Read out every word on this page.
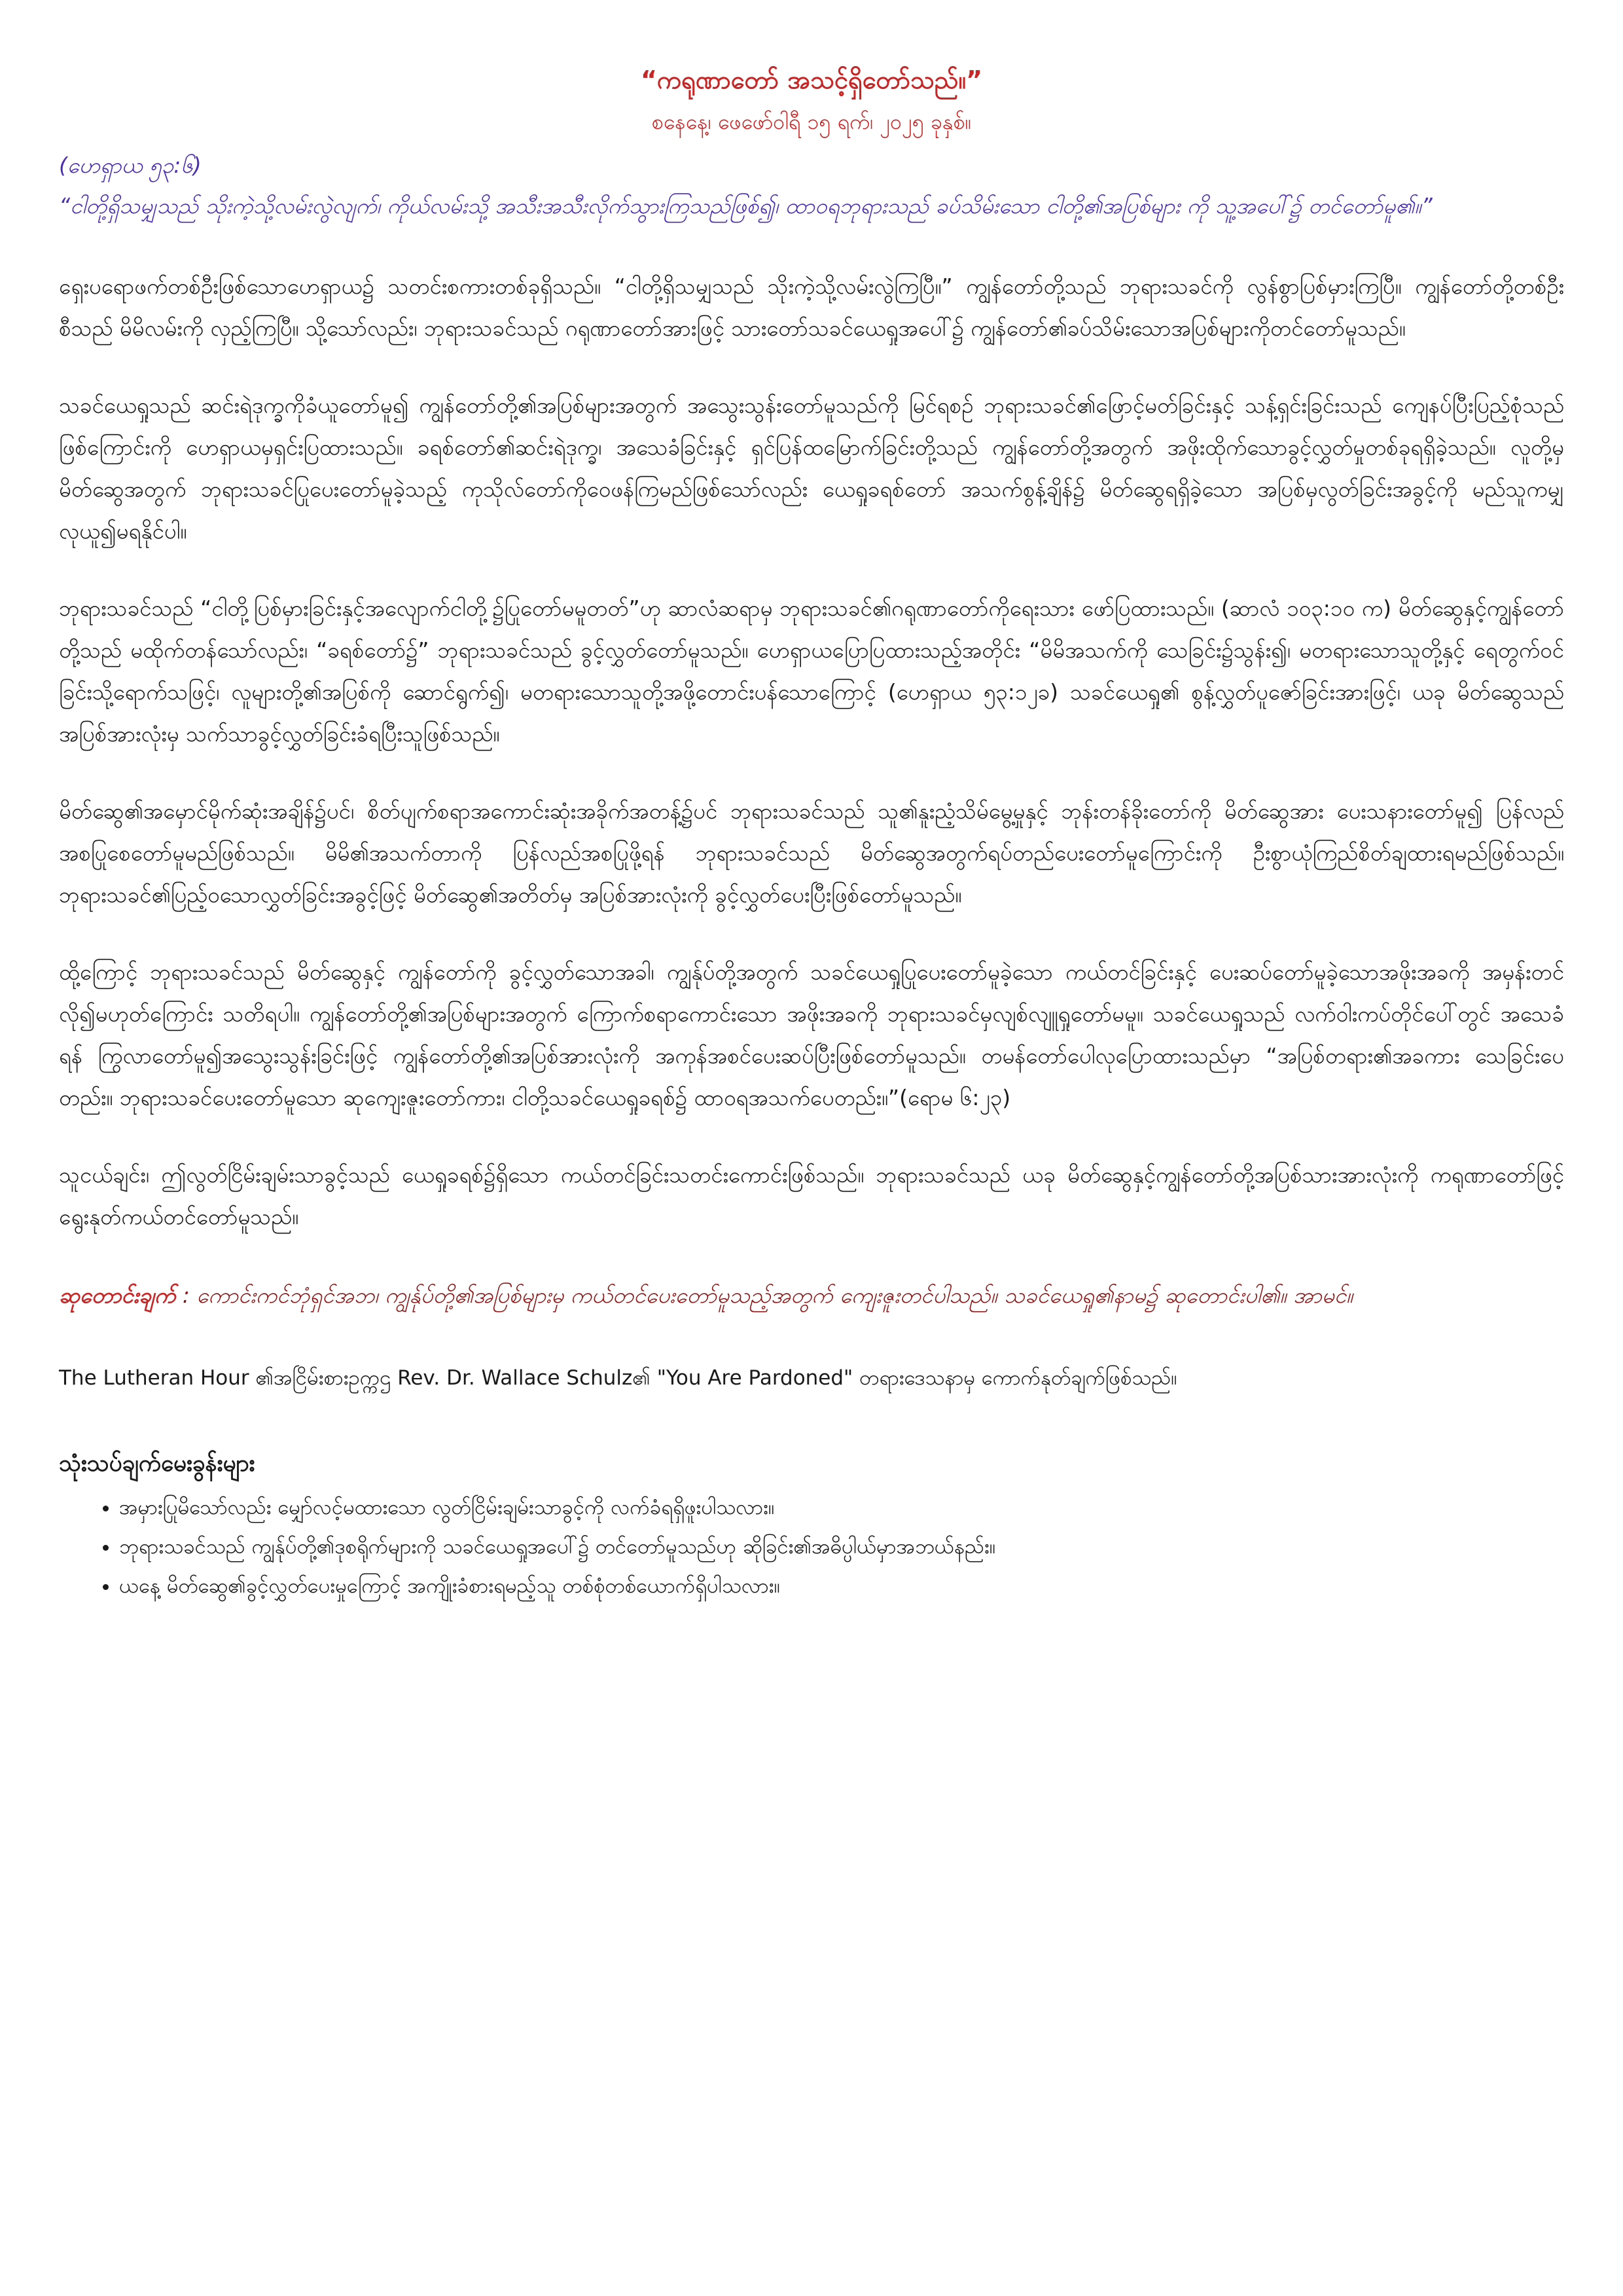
“ကရုဏာတော် အသင့်ရှိတော်သည်။”
စနေနေ့၊ ဖေဖော်ဝါရီ ၁၅ ရက်၊ ၂၀၂၅ ခုနှစ်။
(ဟေရှာယ ၅၃:၆)
“ငါတို့ရှိသမျှသည် သိုးကဲ့သို့လမ်းလွဲလျက်၊ ကိုယ်လမ်းသို့ အသီးအသီးလိုက်သွားကြသည်ဖြစ်၍၊ ထာဝရဘုရားသည် ခပ်သိမ်းသော ငါတို့၏အပြစ်များ ကို သူ့အပေါ်၌ တင်တော်မူ၏။”

ရှေးပရောဖက်တစ်ဦးဖြစ်သောဟေရှာယ၌ သတင်းစကားတစ်ခုရှိသည်။ “ငါတို့ရှိသမျှသည် သိုးကဲ့သို့လမ်းလွဲကြပြီ။” ကျွန်တော်တို့သည် ဘုရားသခင်ကို လွန်စွာပြစ်မှားကြပြီ။ ကျွန်တော်တို့တစ်ဦးစီသည် မိမိလမ်းကို လှည့်ကြပြီ။ သို့သော်လည်း၊ ဘုရားသခင်သည် ဂရုဏာတော်အားဖြင့် သားတော်သခင်ယေရှုအပေါ်၌ ကျွန်တော်၏ခပ်သိမ်းသောအပြစ်များကိုတင်တော်မူသည်။

သခင်ယေရှုသည် ဆင်းရဲဒုက္ခကိုခံယူတော်မူ၍ ကျွန်တော်တို့၏အပြစ်များအတွက် အသွေးသွန်းတော်မူသည်ကို မြင်ရစဉ် ဘုရားသခင်၏ဖြောင့်မတ်ခြင်းနှင့် သန့်ရှင်းခြင်းသည် ကျေနပ်ပြီးပြည့်စုံသည်ဖြစ်ကြောင်းကို ဟေရှာယမှရှင်းပြထားသည်။ ခရစ်တော်၏ဆင်းရဲဒုက္ခ၊ အသေခံခြင်းနှင့် ရှင်ပြန်ထမြောက်ခြင်းတို့သည် ကျွန်တော်တို့အတွက် အဖိုးထိုက်သောခွင့်လွှတ်မှုတစ်ခုရရှိခဲ့သည်။ လူတို့မှ မိတ်ဆွေအတွက် ဘုရားသခင်ပြုပေးတော်မူခဲ့သည့် ကုသိုလ်တော်ကိုဝေဖန်ကြမည်ဖြစ်သော်လည်း ယေရှုခရစ်တော် အသက်စွန့်ချိန်၌ မိတ်ဆွေရရှိခဲ့သော အပြစ်မှလွတ်ခြင်းအခွင့်ကို မည်သူကမျှ လုယူ၍မရနိုင်ပါ။

ဘုရားသခင်သည် “ငါတို့ပြစ်မှားခြင်းနှင့်အလျောက်ငါတို့၌ပြုတော်မမူတတ်”ဟု ဆာလံဆရာမှ ဘုရားသခင်၏ဂရုဏာတော်ကိုရေးသား ဖော်ပြထားသည်။ (ဆာလံ ၁၀၃:၁၀ က) မိတ်ဆွေနှင့်ကျွန်တော်တို့သည် မထိုက်တန်သော်လည်း၊ “ခရစ်တော်၌” ဘုရားသခင်သည် ခွင့်လွှတ်တော်မူသည်။ ဟေရှာယပြောပြထားသည့်အတိုင်း “မိမိအသက်ကို သေခြင်း၌သွန်း၍၊ မတရားသောသူတို့နှင့် ရေတွက်ဝင်ခြင်းသို့ရောက်သဖြင့်၊ လူများတို့၏အပြစ်ကို ဆောင်ရွက်၍၊ မတရားသောသူတို့အဖို့တောင်းပန်သောကြောင့် (ဟေရှာယ ၅၃:၁၂ခ) သခင်ယေရှု၏ စွန့်လွှတ်ပူဇော်ခြင်းအားဖြင့်၊ ယခု မိတ်ဆွေသည် အပြစ်အားလုံးမှ သက်သာခွင့်လွှတ်ခြင်းခံရပြီးသူဖြစ်သည်။

မိတ်ဆွေ၏အမှောင်မိုက်ဆုံးအချိန်၌ပင်၊ စိတ်ပျက်စရာအကောင်းဆုံးအခိုက်အတန့်၌ပင် ဘုရားသခင်သည် သူ၏နူးညံ့သိမ်မွေ့မှုနှင့် ဘုန်းတန်ခိုးတော်ကို မိတ်ဆွေအား ပေးသနားတော်မူ၍ ပြန်လည်အစပြုစေတော်မူမည်ဖြစ်သည်။ မိမိ၏အသက်တာကို ပြန်လည်အစပြုဖို့ရန် ဘုရားသခင်သည် မိတ်ဆွေအတွက်ရပ်တည်ပေးတော်မူကြောင်းကို ဦးစွာယုံကြည်စိတ်ချထားရမည်ဖြစ်သည်။ ဘုရားသခင်၏ပြည့်ဝသောလွှတ်ခြင်းအခွင့်ဖြင့် မိတ်ဆွေ၏အတိတ်မှ အပြစ်အားလုံးကို ခွင့်လွှတ်ပေးပြီးဖြစ်တော်မူသည်။

ထို့ကြောင့် ဘုရားသခင်သည် မိတ်ဆွေနှင့် ကျွန်တော်ကို ခွင့်လွှတ်သောအခါ၊ ကျွန်ုပ်တို့အတွက် သခင်ယေရှုပြုပေးတော်မူခဲ့သော ကယ်တင်ခြင်းနှင့် ပေးဆပ်တော်မူခဲ့သောအဖိုးအခကို အမှန်းတင်လို၍မဟုတ်ကြောင်း သတိရပါ။ ကျွန်တော်တို့၏အပြစ်များအတွက် ကြောက်စရာကောင်းသော အဖိုးအခကို ဘုရားသခင်မှလျစ်လျူရှုတော်မမူ။ သခင်ယေရှုသည် လက်ဝါးကပ်တိုင်ပေါ်တွင် အသေခံရန် ကြွလာတော်မူ၍အသွေးသွန်းခြင်းဖြင့် ကျွန်တော်တို့၏အပြစ်အားလုံးကို အကုန်အစင်ပေးဆပ်ပြီးဖြစ်တော်မူသည်။ တမန်တော်ပေါလုပြောထားသည်မှာ “အပြစ်တရား၏အခကား သေခြင်းပေတည်း။ ဘုရားသခင်ပေးတော်မူသော ဆုကျေးဇူးတော်ကား၊ ငါတို့သခင်ယေရှုခရစ်၌ ထာဝရအသက်ပေတည်း။”(ရောမ ၆:၂၃)

သူငယ်ချင်း၊ ဤလွတ်ငြိမ်းချမ်းသာခွင့်သည် ယေရှုခရစ်၌ရှိသော ကယ်တင်ခြင်းသတင်းကောင်းဖြစ်သည်။ ဘုရားသခင်သည် ယခု မိတ်ဆွေနှင့်ကျွန်တော်တို့အပြစ်သားအားလုံးကို ကရုဏာတော်ဖြင့် ရွေးနုတ်ကယ်တင်တော်မူသည်။

ဆုတောင်းချက် : ကောင်းကင်ဘုံရှင်အဘ၊ ကျွန်ုပ်တို့၏အပြစ်များမှ ကယ်တင်ပေးတော်မူသည့်အတွက် ကျေးဇူးတင်ပါသည်။ သခင်ယေရှု၏နာမ၌ ဆုတောင်းပါ၏။ အာမင်။
The Lutheran Hour ၏အငြိမ်းစားဥက္ကဌ Rev. Dr. Wallace Schulz၏ "You Are Pardoned" တရားဒေသနာမှ ကောက်နုတ်ချက်ဖြစ်သည်။
သုံးသပ်ချက်မေးခွန်းများ
• အမှားပြုမိသော်လည်း မျှော်လင့်မထားသော လွတ်ငြိမ်းချမ်းသာခွင့်ကို လက်ခံရရှိဖူးပါသလား။
• ဘုရားသခင်သည် ကျွန်ုပ်တို့၏ဒုစရိုက်များကို သခင်ယေရှုအပေါ်၌ တင်တော်မူသည်ဟု ဆိုခြင်း၏အဓိပ္ပါယ်မှာအဘယ်နည်း။
• ယနေ့ မိတ်ဆွေ၏ခွင့်လွှတ်ပေးမှုကြောင့် အကျိုးခံစားရမည့်သူ တစ်စုံတစ်ယောက်ရှိပါသလား။
